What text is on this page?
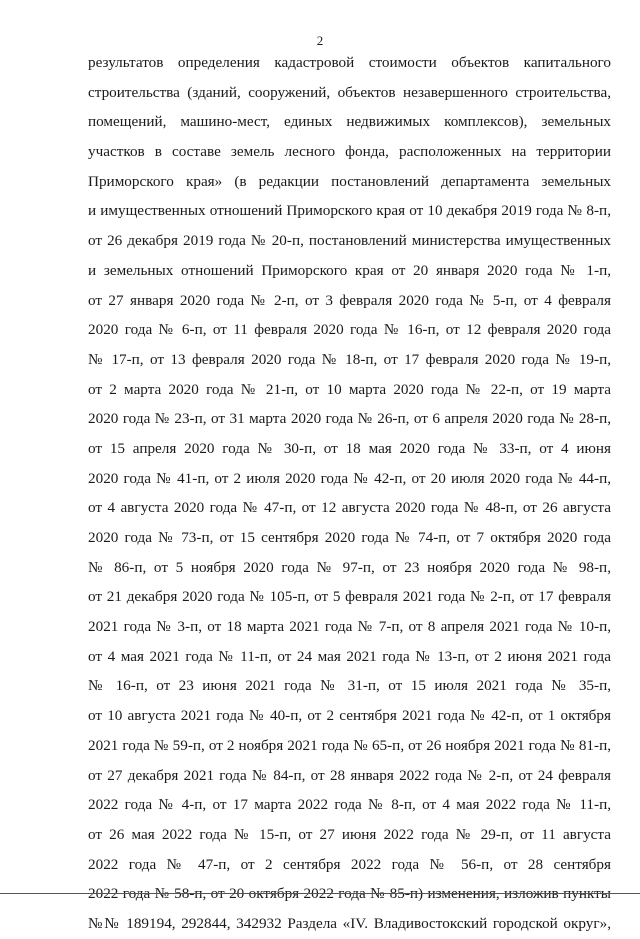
2
результатов определения кадастровой стоимости объектов капитального
строительства (зданий, сооружений, объектов незавершенного строительства,
помещений, машино-мест, единых недвижимых комплексов), земельных
участков в составе земель лесного фонда, расположенных на территории
Приморского края» (в редакции постановлений департамента земельных
и имущественных отношений Приморского края от 10 декабря 2019 года № 8-п,
от 26 декабря 2019 года № 20-п, постановлений министерства имущественных
и земельных отношений Приморского края от 20 января 2020 года № 1-п,
от 27 января 2020 года № 2-п, от 3 февраля 2020 года № 5-п, от 4 февраля
2020 года № 6-п, от 11 февраля 2020 года № 16-п, от 12 февраля 2020 года
№ 17-п, от 13 февраля 2020 года № 18-п, от 17 февраля 2020 года № 19-п,
от 2 марта 2020 года № 21-п, от 10 марта 2020 года № 22-п, от 19 марта
2020 года № 23-п, от 31 марта 2020 года № 26-п, от 6 апреля 2020 года № 28-п,
от 15 апреля 2020 года № 30-п, от 18 мая 2020 года № 33-п, от 4 июня
2020 года № 41-п, от 2 июля 2020 года № 42-п, от 20 июля 2020 года № 44-п,
от 4 августа 2020 года № 47-п, от 12 августа 2020 года № 48-п, от 26 августа
2020 года № 73-п, от 15 сентября 2020 года № 74-п, от 7 октября 2020 года
№ 86-п, от 5 ноября 2020 года № 97-п, от 23 ноября 2020 года № 98-п,
от 21 декабря 2020 года № 105-п, от 5 февраля 2021 года № 2-п, от 17 февраля
2021 года № 3-п, от 18 марта 2021 года № 7-п, от 8 апреля 2021 года № 10-п,
от 4 мая 2021 года № 11-п, от 24 мая 2021 года № 13-п, от 2 июня 2021 года
№ 16-п, от 23 июня 2021 года № 31-п, от 15 июля 2021 года № 35-п,
от 10 августа 2021 года № 40-п, от 2 сентября 2021 года № 42-п, от 1 октября
2021 года № 59-п, от 2 ноября 2021 года № 65-п, от 26 ноября 2021 года № 81-п,
от 27 декабря 2021 года № 84-п, от 28 января 2022 года № 2-п, от 24 февраля
2022 года № 4-п, от 17 марта 2022 года № 8-п, от 4 мая 2022 года № 11-п,
от 26 мая 2022 года № 15-п, от 27 июня 2022 года № 29-п, от 11 августа
2022 года № 47-п, от 2 сентября 2022 года № 56-п, от 28 сентября
2022 года № 58-п, от 20 октября 2022 года № 85-п) изменения, изложив пункты
№№ 189194, 292844, 342932 Раздела «IV. Владивостокский городской округ»,
